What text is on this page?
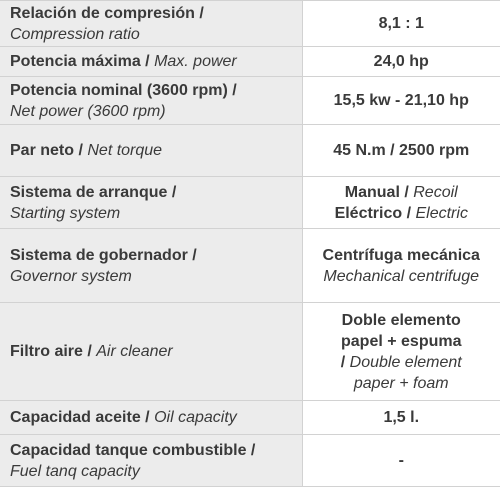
Relación de compresión /
Compression ratio	8,1 : 1

Potencia máxima / Max. power	24,0 hp

Potencia nominal (3600 rpm) /
Net power (3600 rpm)	15,5 kw - 21,10 hp

Par neto / Net torque	45 N.m / 2500 rpm

Sistema de arranque /
Starting system	Manual / Recoil
Eléctrico / Electric

Sistema de gobernador /
Governor system	Centrífuga mecánica
Mechanical centrifuge

Filtro aire / Air cleaner	Doble elemento
papel + espuma
/ Double element
paper + foam

Capacidad aceite / Oil capacity	1,5 l.

Capacidad tanque combustible /
Fuel tanq capacity	-
